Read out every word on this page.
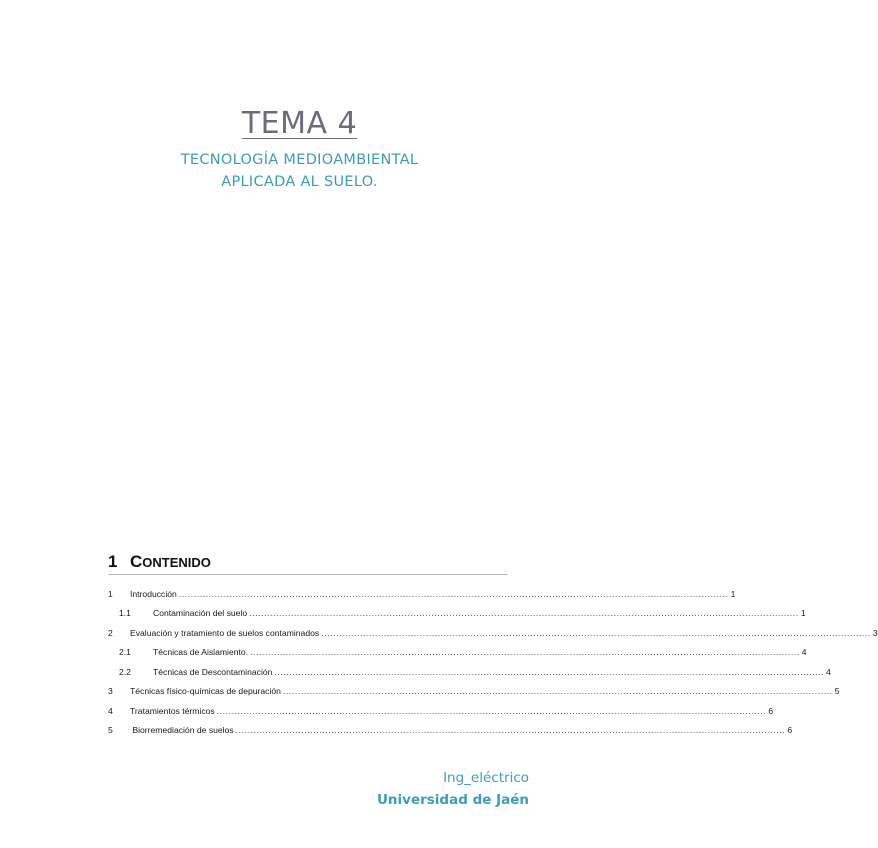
TEMA 4
TECNOLOGÍA MEDIOAMBIENTAL
APLICADA AL SUELO.
1 CONTENIDO
1	Introducción ........................................................................................................................................................................................ 1
1.1	Contaminación del suelo ........................................................................................................................................................................................ 1
2	Evaluación y tratamiento de suelos contaminados ........................................................................................................................................................................................ 3
2.1	Técnicas de Aislamiento. ........................................................................................................................................................................................ 4
2.2	Técnicas de Descontaminación ........................................................................................................................................................................................ 4
3	Técnicas físico-químicas de depuración ........................................................................................................................................................................................ 5
4	Tratamientos térmicos ........................................................................................................................................................................................ 6
5	Biorremediación de suelos ........................................................................................................................................................................................ 6
Ing_eléctrico
Universidad de Jaén
